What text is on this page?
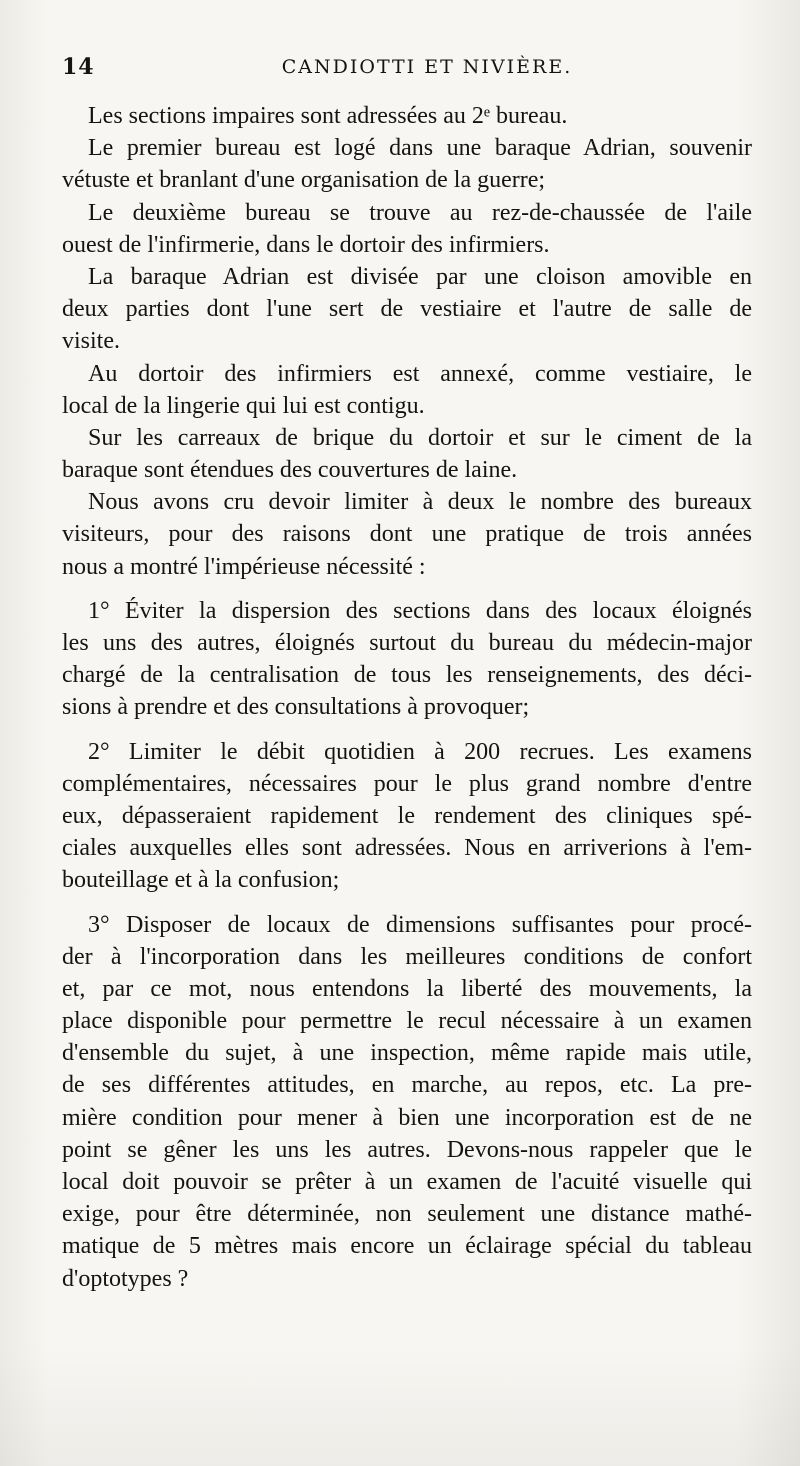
14	CANDIOTTI ET NIVIÈRE.
Les sections impaires sont adressées au 2ᵉ bureau.
Le premier bureau est logé dans une baraque Adrian, souvenir
vétuste et branlant d'une organisation de la guerre;
Le deuxième bureau se trouve au rez-de-chaussée de l'aile
ouest de l'infirmerie, dans le dortoir des infirmiers.
La baraque Adrian est divisée par une cloison amovible en
deux parties dont l'une sert de vestiaire et l'autre de salle de
visite.
Au dortoir des infirmiers est annexé, comme vestiaire, le
local de la lingerie qui lui est contigu.
Sur les carreaux de brique du dortoir et sur le ciment de la
baraque sont étendues des couvertures de laine.
Nous avons cru devoir limiter à deux le nombre des bureaux
visiteurs, pour des raisons dont une pratique de trois années
nous a montré l'impérieuse nécessité :
1° Éviter la dispersion des sections dans des locaux éloignés
les uns des autres, éloignés surtout du bureau du médecin-major
chargé de la centralisation de tous les renseignements, des déci-
sions à prendre et des consultations à provoquer;
2° Limiter le débit quotidien à 200 recrues. Les examens
complémentaires, nécessaires pour le plus grand nombre d'entre
eux, dépasseraient rapidement le rendement des cliniques spé-
ciales auxquelles elles sont adressées. Nous en arriverions à l'em-
bouteillage et à la confusion;
3° Disposer de locaux de dimensions suffisantes pour procé-
der à l'incorporation dans les meilleures conditions de confort
et, par ce mot, nous entendons la liberté des mouvements, la
place disponible pour permettre le recul nécessaire à un examen
d'ensemble du sujet, à une inspection, même rapide mais utile,
de ses différentes attitudes, en marche, au repos, etc. La pre-
mière condition pour mener à bien une incorporation est de ne
point se gêner les uns les autres. Devons-nous rappeler que le
local doit pouvoir se prêter à un examen de l'acuité visuelle qui
exige, pour être déterminée, non seulement une distance mathé-
matique de 5 mètres mais encore un éclairage spécial du tableau
d'optotypes ?
